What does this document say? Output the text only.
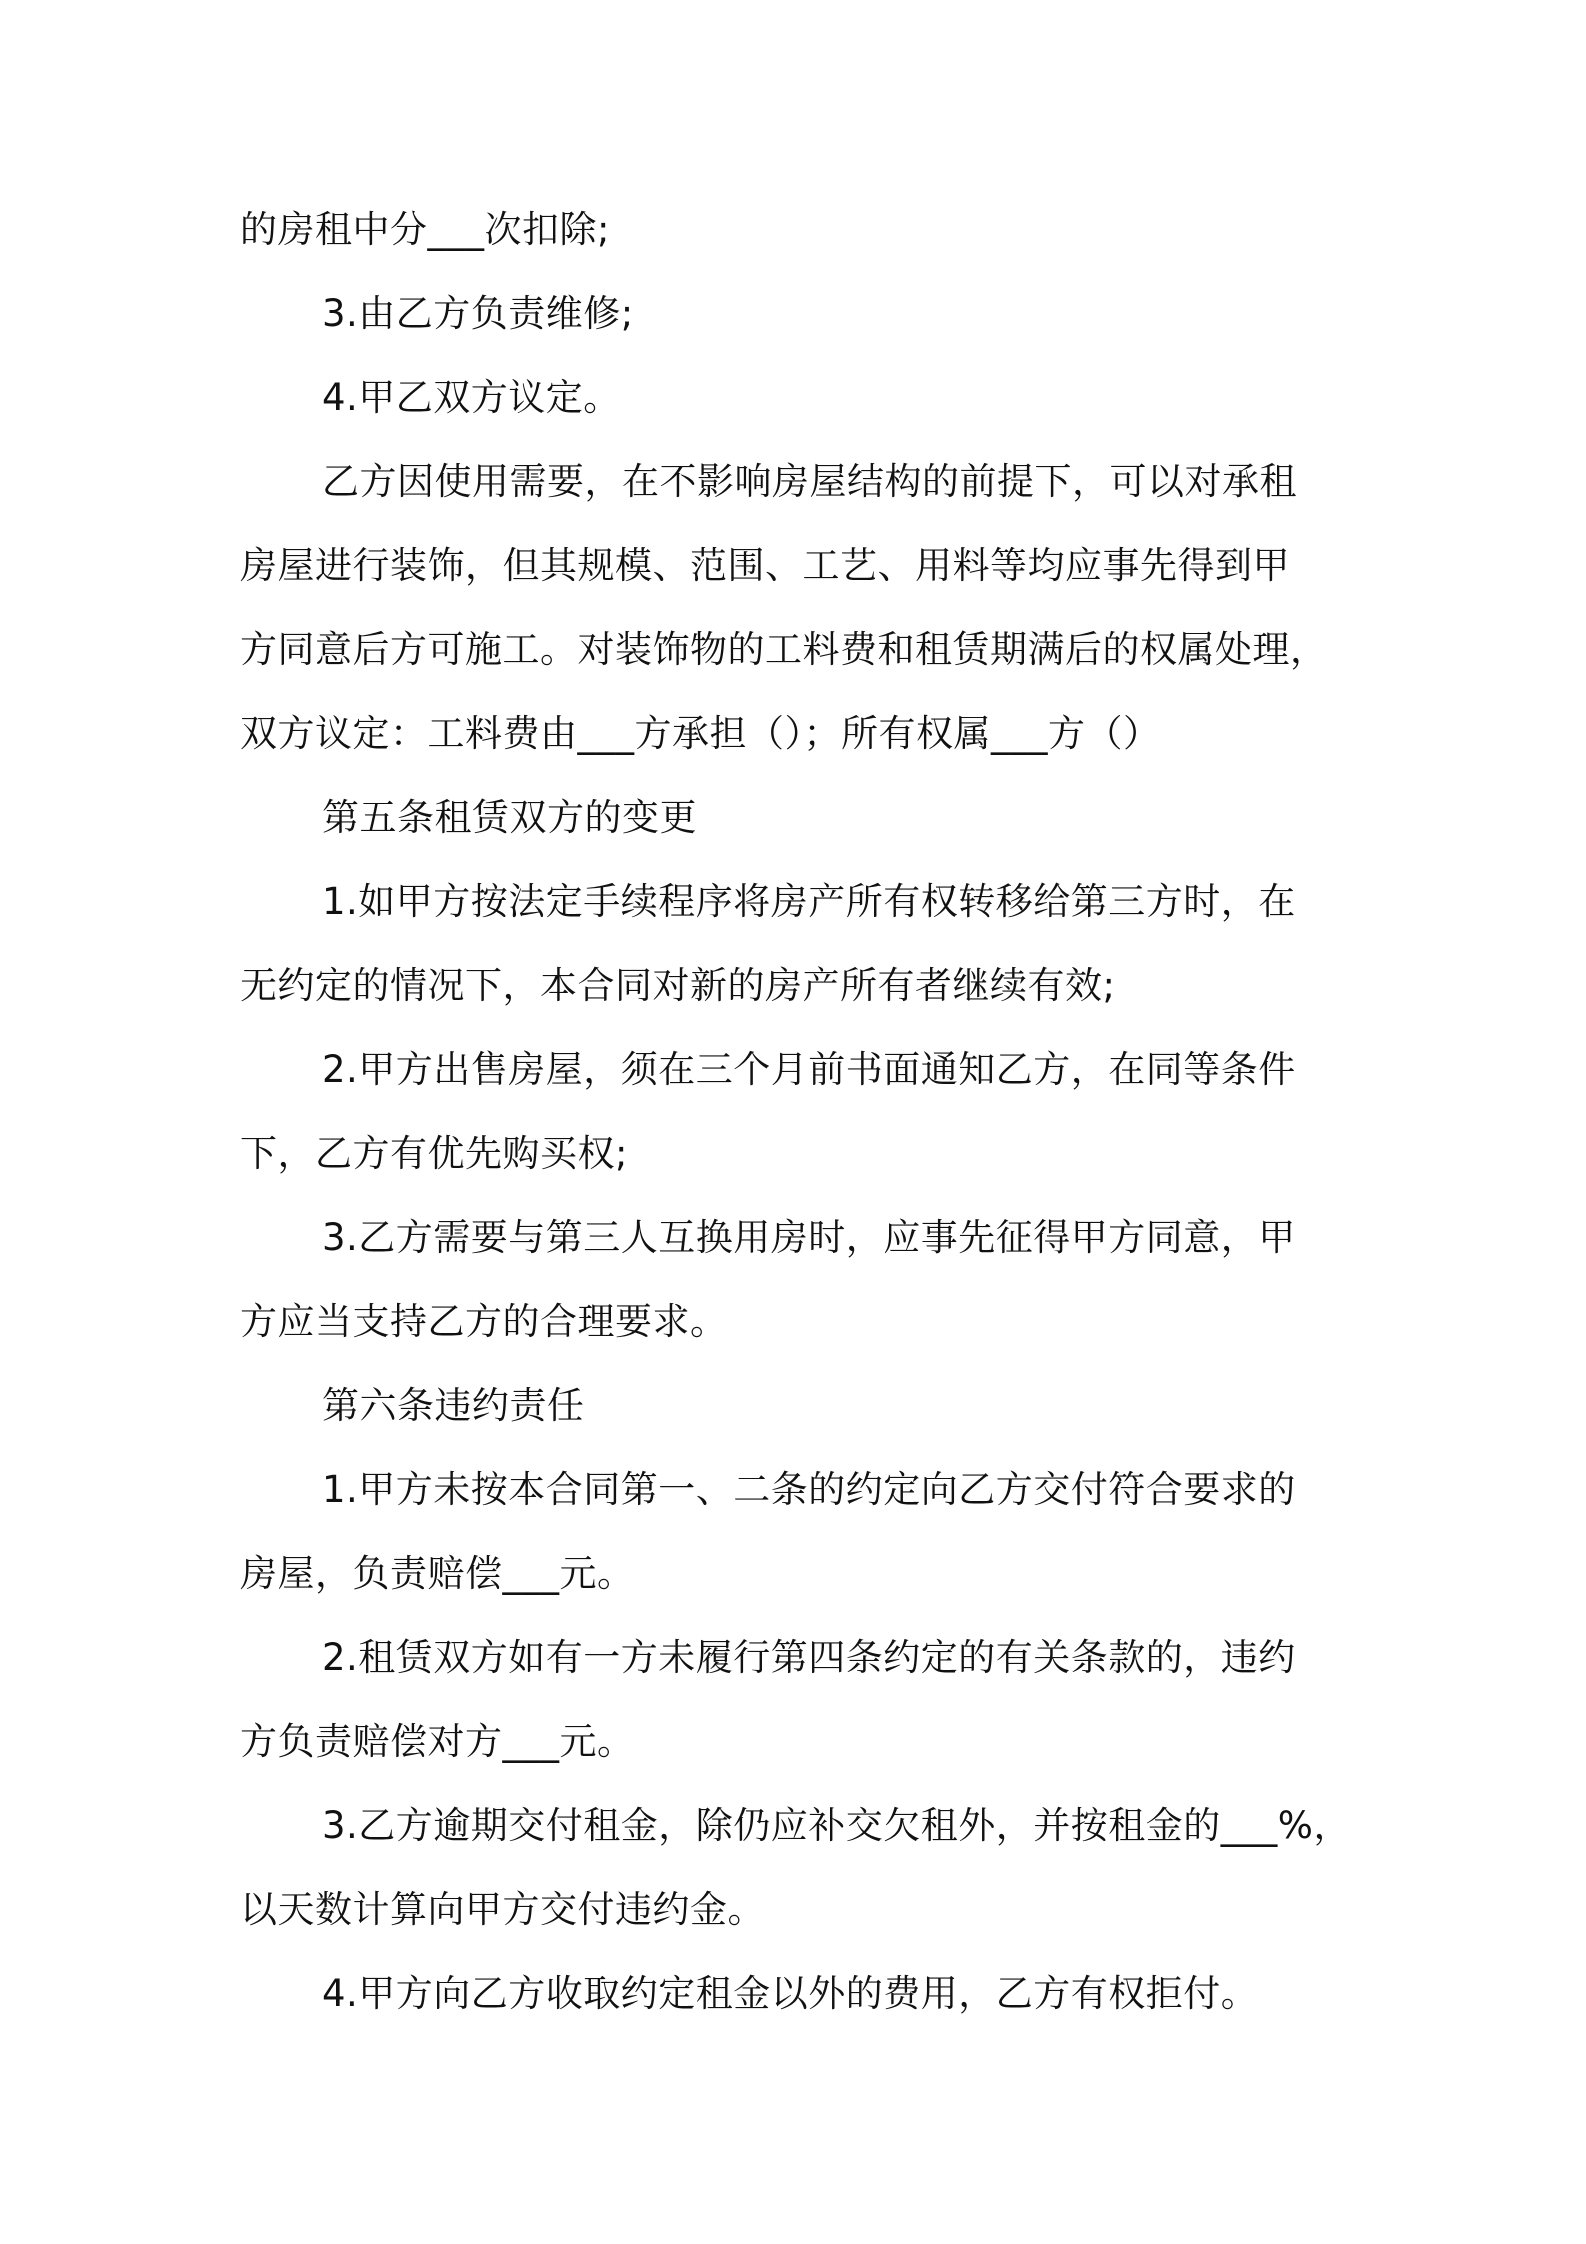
的房租中分___次扣除;
3.由乙方负责维修;
4.甲乙双方议定。
乙方因使用需要，在不影响房屋结构的前提下，可以对承租
房屋进行装饰，但其规模、范围、工艺、用料等均应事先得到甲
方同意后方可施工。对装饰物的工料费和租赁期满后的权属处理，
双方议定：工料费由___方承担（）；所有权属___方（）
第五条租赁双方的变更
1.如甲方按法定手续程序将房产所有权转移给第三方时，在
无约定的情况下，本合同对新的房产所有者继续有效;
2.甲方出售房屋，须在三个月前书面通知乙方，在同等条件
下，乙方有优先购买权;
3.乙方需要与第三人互换用房时，应事先征得甲方同意，甲
方应当支持乙方的合理要求。
第六条违约责任
1.甲方未按本合同第一、二条的约定向乙方交付符合要求的
房屋，负责赔偿___元。
2.租赁双方如有一方未履行第四条约定的有关条款的，违约
方负责赔偿对方___元。
3.乙方逾期交付租金，除仍应补交欠租外，并按租金的___%，
以天数计算向甲方交付违约金。
4.甲方向乙方收取约定租金以外的费用，乙方有权拒付。
